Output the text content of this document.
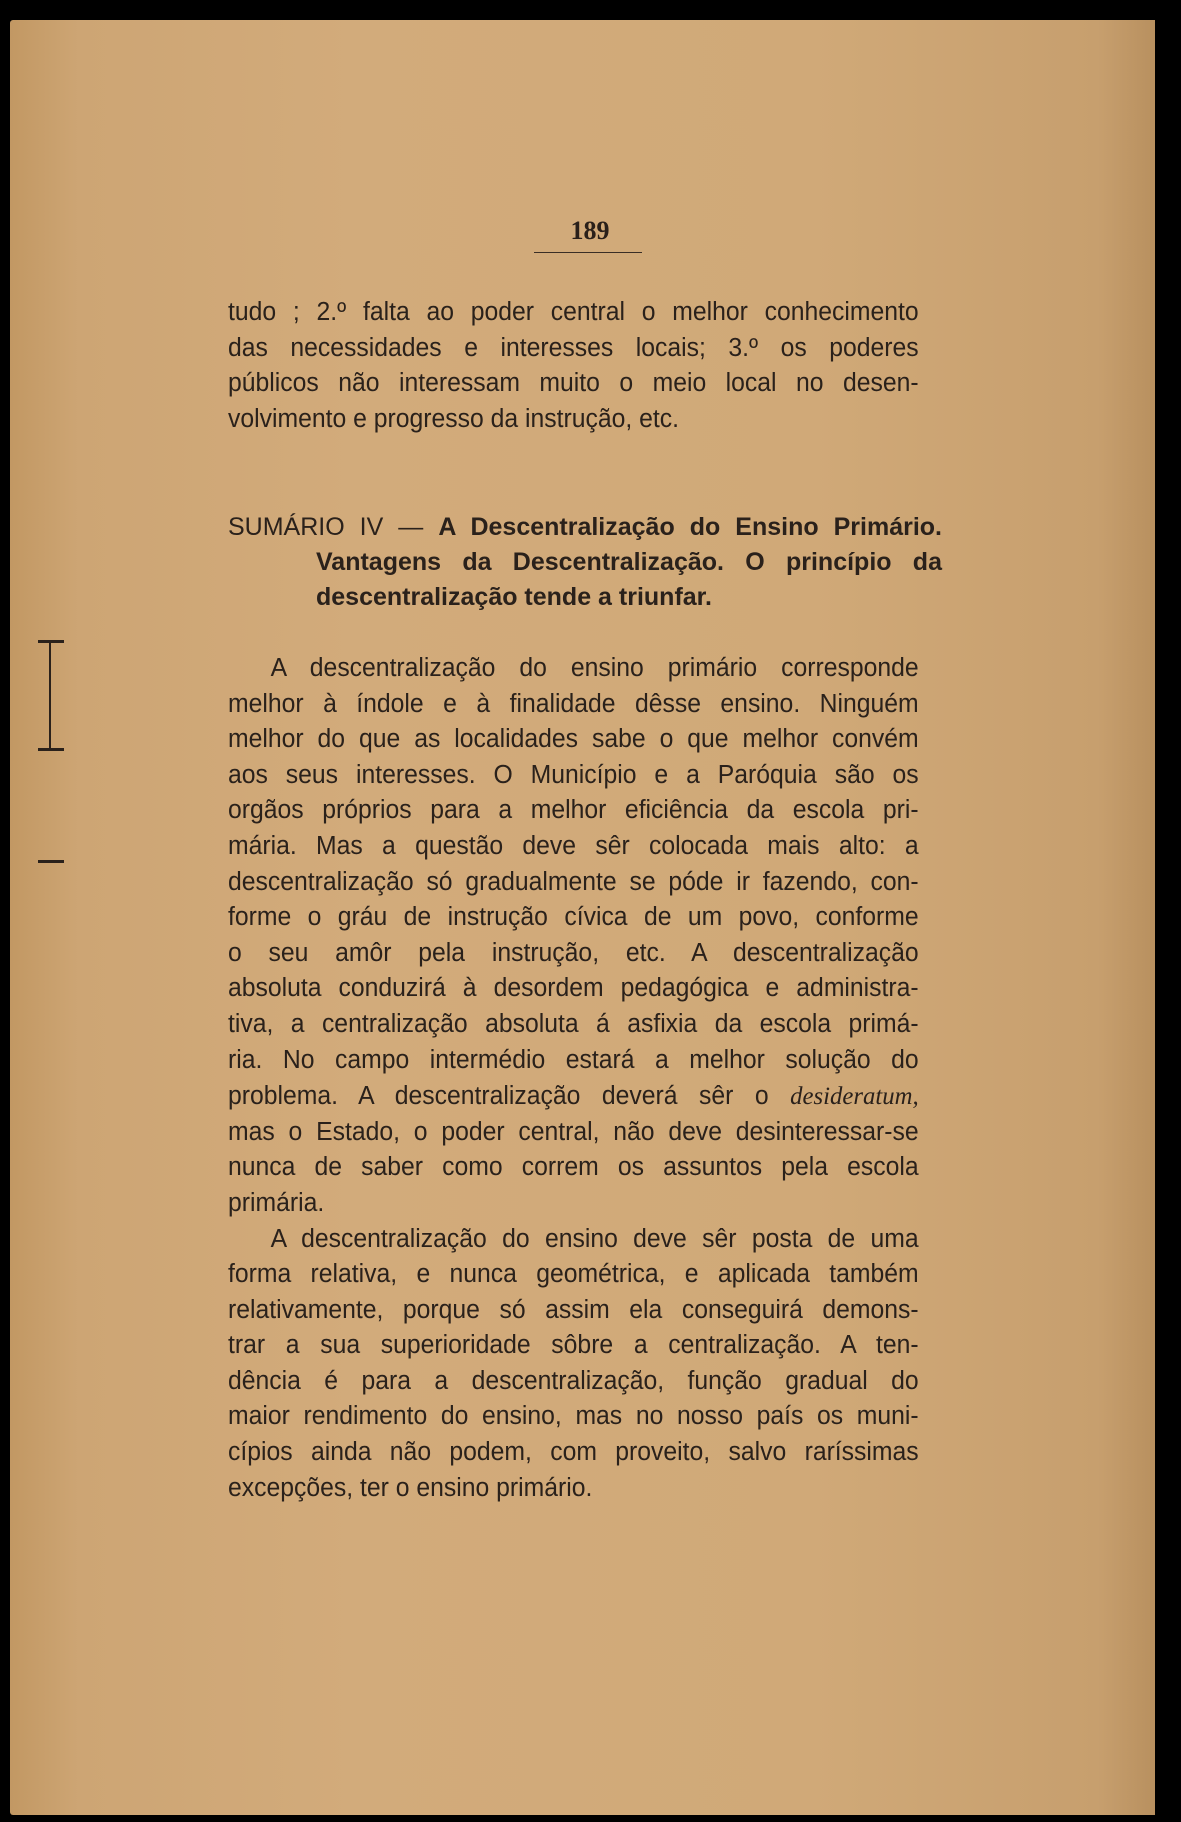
189
tudo ; 2.º falta ao poder central o melhor conhecimento
das necessidades e interesses locais; 3.º os poderes
públicos não interessam muito o meio local no desen-
volvimento e progresso da instrução, etc.
SUMÁRIO IV — A Descentralização do Ensino Primário.
Vantagens da Descentralização. O princípio da
descentralização tende a triunfar.
A descentralização do ensino primário corresponde
melhor à índole e à finalidade dêsse ensino. Ninguém
melhor do que as localidades sabe o que melhor convém
aos seus interesses. O Município e a Paróquia são os
orgãos próprios para a melhor eficiência da escola pri-
mária. Mas a questão deve sêr colocada mais alto: a
descentralização só gradualmente se póde ir fazendo, con-
forme o gráu de instrução cívica de um povo, conforme
o seu amôr pela instrução, etc. A descentralização
absoluta conduzirá à desordem pedagógica e administra-
tiva, a centralização absoluta á asfixia da escola primá-
ria. No campo intermédio estará a melhor solução do
problema. A descentralização deverá sêr o desideratum,
mas o Estado, o poder central, não deve desinteressar-se
nunca de saber como correm os assuntos pela escola
primária.
A descentralização do ensino deve sêr posta de uma
forma relativa, e nunca geométrica, e aplicada também
relativamente, porque só assim ela conseguirá demons-
trar a sua superioridade sôbre a centralização. A ten-
dência é para a descentralização, função gradual do
maior rendimento do ensino, mas no nosso país os muni-
cípios ainda não podem, com proveito, salvo raríssimas
excepções, ter o ensino primário.
